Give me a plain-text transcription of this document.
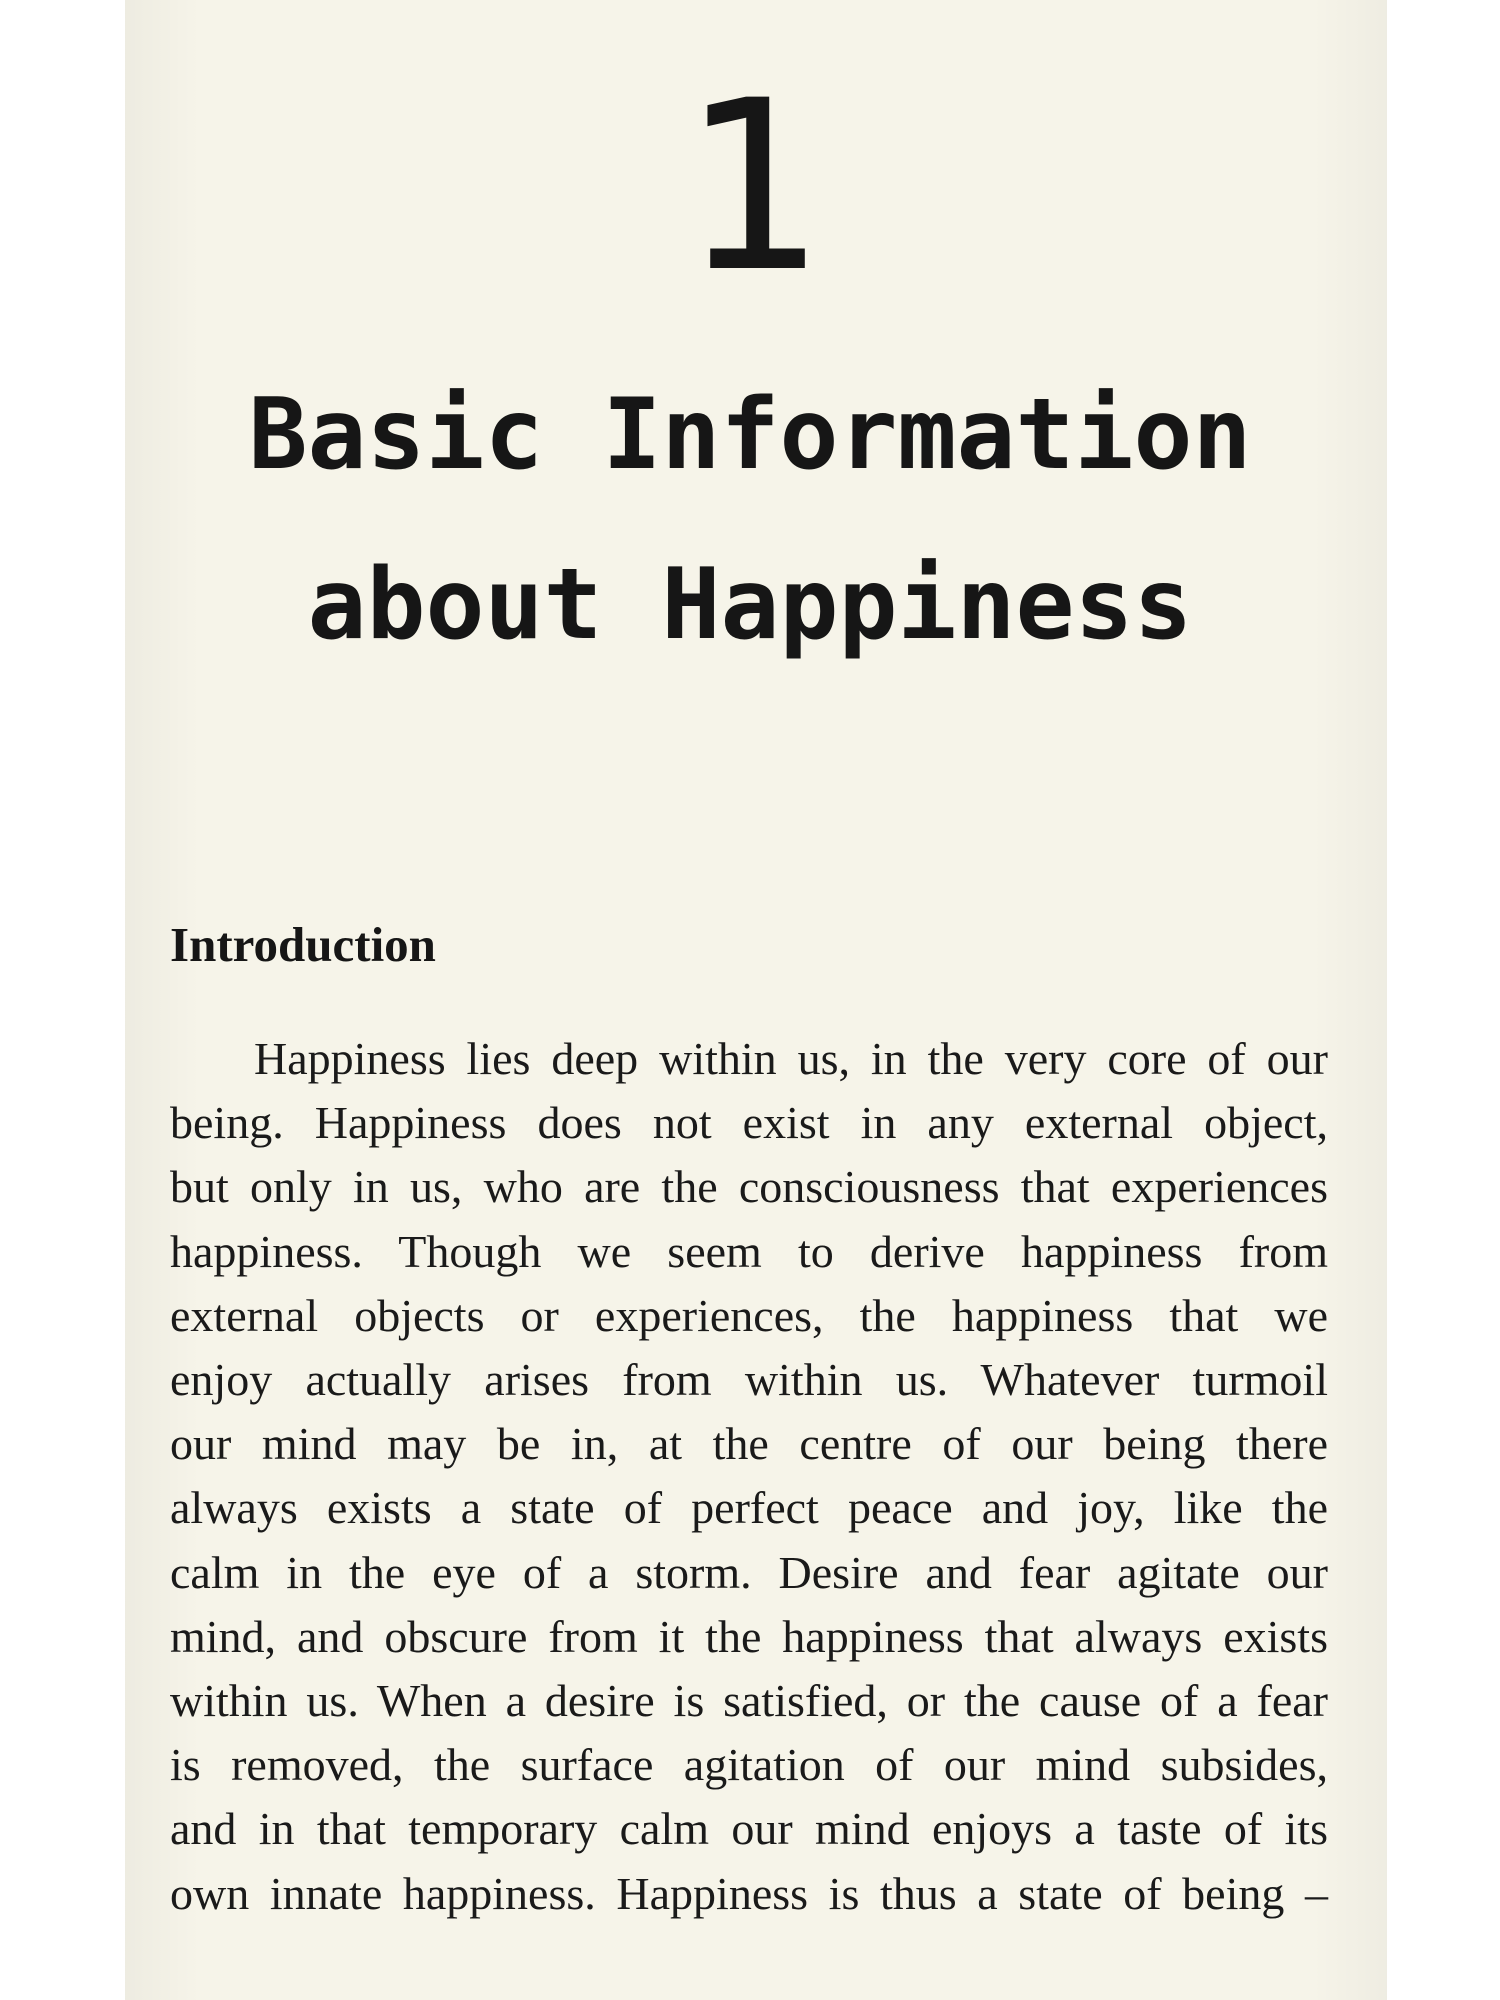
1
Basic Information
about Happiness
Introduction
Happiness lies deep within us, in the very core of our
being. Happiness does not exist in any external object,
but only in us, who are the consciousness that experiences
happiness. Though we seem to derive happiness from
external objects or experiences, the happiness that we
enjoy actually arises from within us. Whatever turmoil
our mind may be in, at the centre of our being there
always exists a state of perfect peace and joy, like the
calm in the eye of a storm. Desire and fear agitate our
mind, and obscure from it the happiness that always exists
within us. When a desire is satisfied, or the cause of a fear
is removed, the surface agitation of our mind subsides,
and in that temporary calm our mind enjoys a taste of its
own innate happiness. Happiness is thus a state of being –
